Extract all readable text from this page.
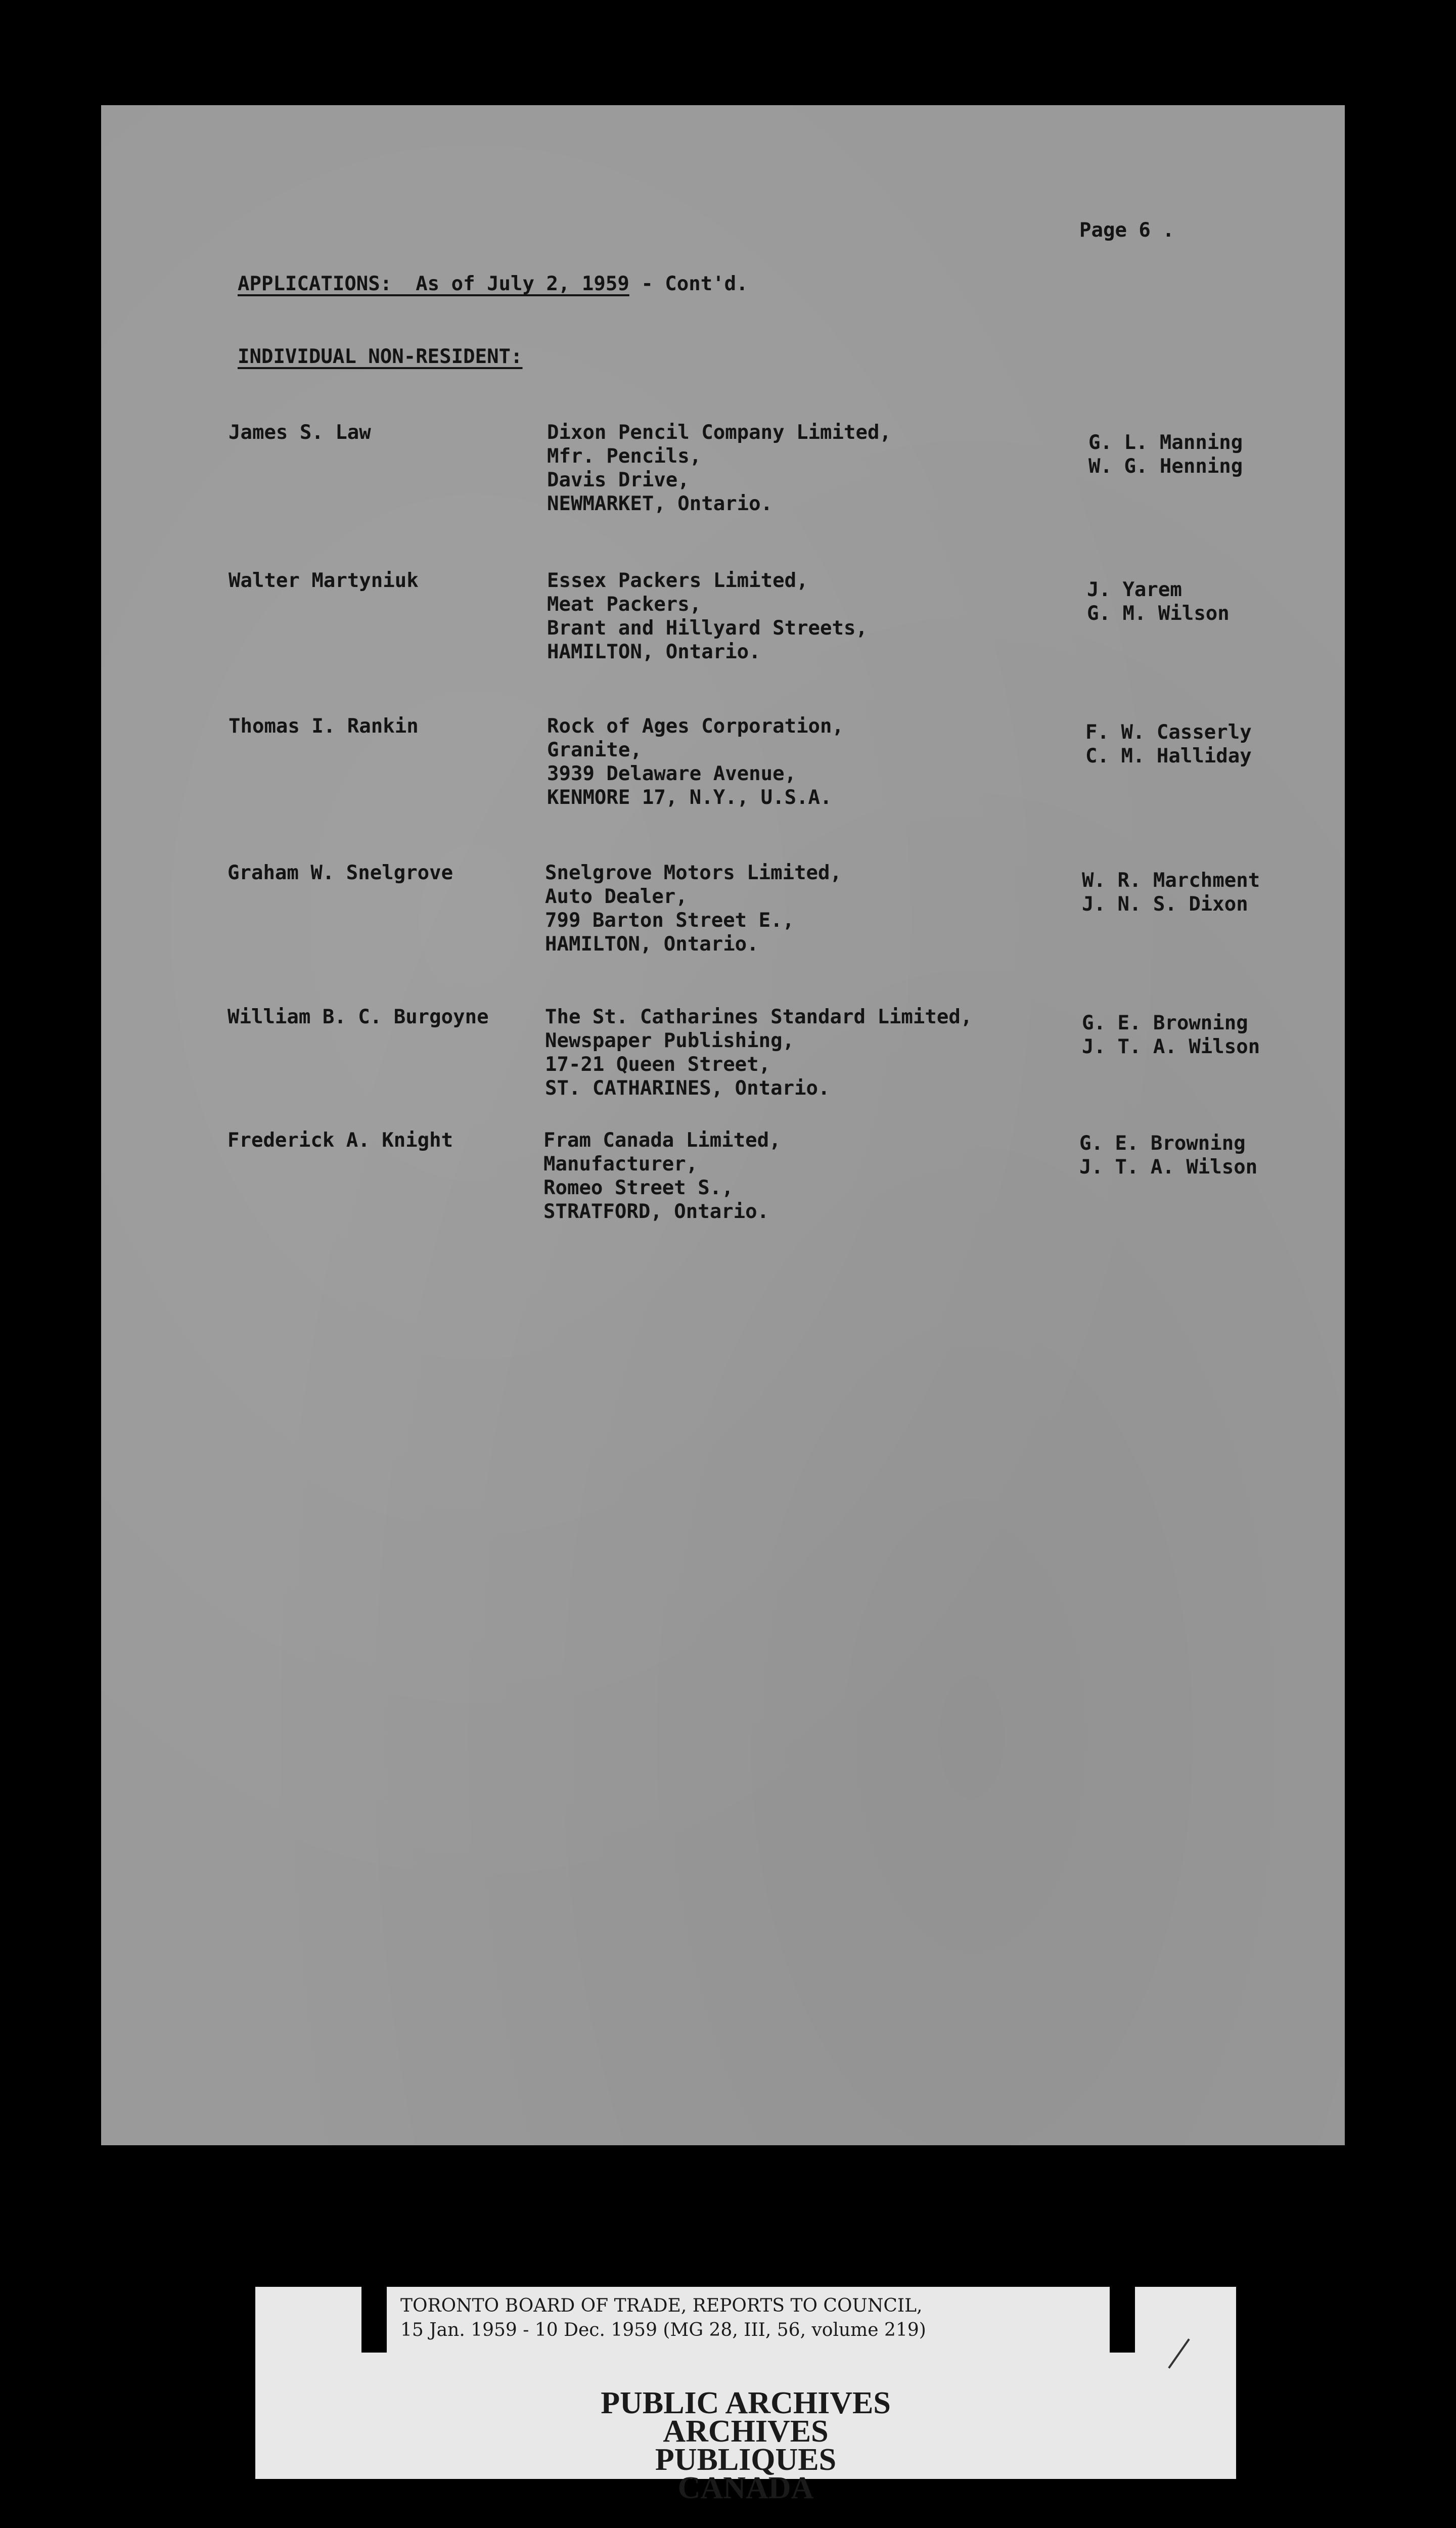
Page 6 .
APPLICATIONS:  As of July 2, 1959 - Cont'd.
INDIVIDUAL NON-RESIDENT:
James S. Law	Dixon Pencil Company Limited,
Mfr. Pencils,
Davis Drive,
NEWMARKET, Ontario.
G. L. Manning
W. G. Henning
Walter Martyniuk	Essex Packers Limited,
Meat Packers,
Brant and Hillyard Streets,
HAMILTON, Ontario.
J. Yarem
G. M. Wilson
Thomas I. Rankin	Rock of Ages Corporation,
Granite,
3939 Delaware Avenue,
KENMORE 17, N.Y., U.S.A.
F. W. Casserly
C. M. Halliday
Graham W. Snelgrove	Snelgrove Motors Limited,
Auto Dealer,
799 Barton Street E.,
HAMILTON, Ontario.
W. R. Marchment
J. N. S. Dixon
William B. C. Burgoyne	The St. Catharines Standard Limited,
Newspaper Publishing,
17-21 Queen Street,
ST. CATHARINES, Ontario.
G. E. Browning
J. T. A. Wilson
Frederick A. Knight	Fram Canada Limited,
Manufacturer,
Romeo Street S.,
STRATFORD, Ontario.
G. E. Browning
J. T. A. Wilson
TORONTO BOARD OF TRADE, REPORTS TO COUNCIL,
15 Jan. 1959 - 10 Dec. 1959 (MG 28, III, 56, volume 219)
PUBLIC ARCHIVES
ARCHIVES PUBLIQUES
CANADA
